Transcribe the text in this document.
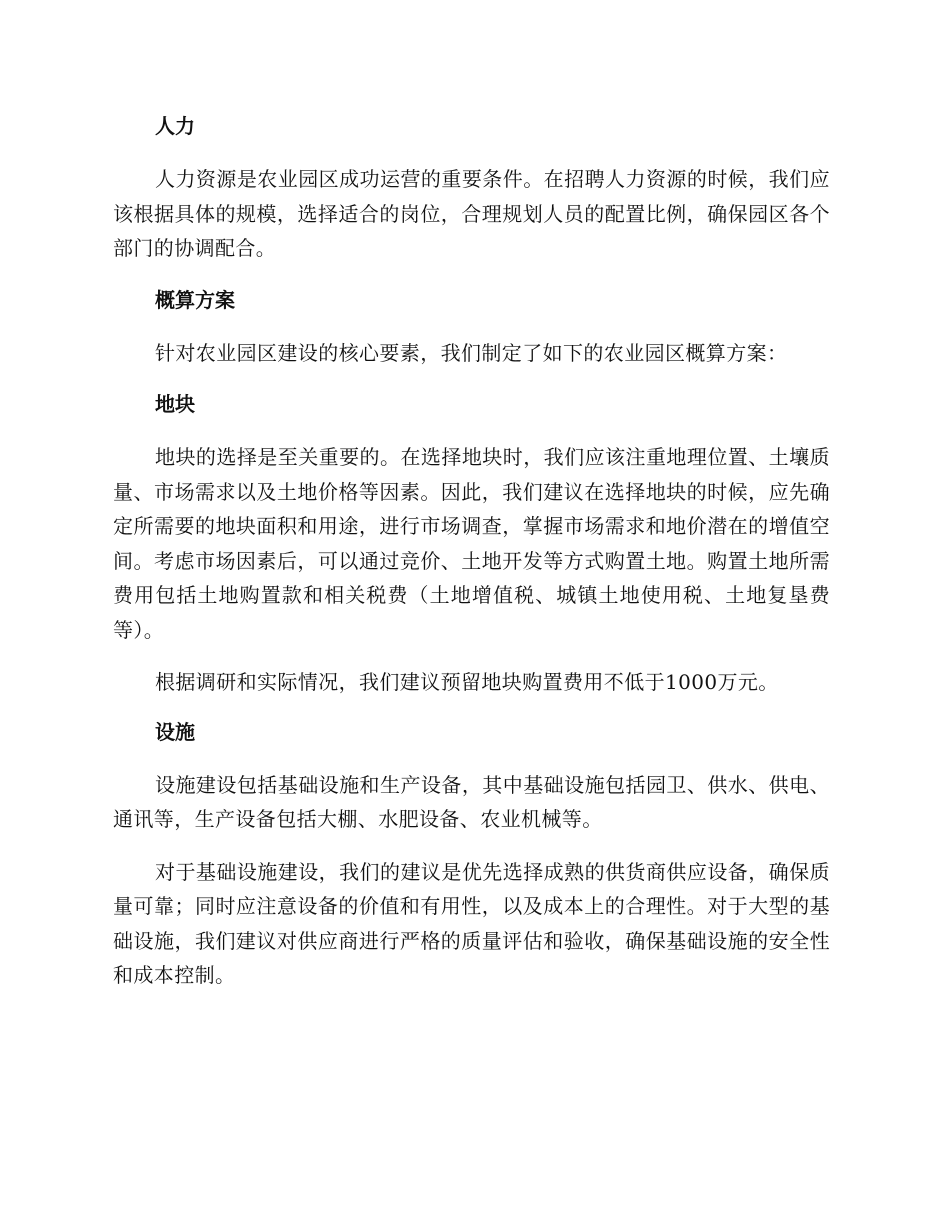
人力

人力资源是农业园区成功运营的重要条件。在招聘人力资源的时候，我们应该根据具体的规模，选择适合的岗位，合理规划人员的配置比例，确保园区各个部门的协调配合。

概算方案

针对农业园区建设的核心要素，我们制定了如下的农业园区概算方案：

地块

地块的选择是至关重要的。在选择地块时，我们应该注重地理位置、土壤质量、市场需求以及土地价格等因素。因此，我们建议在选择地块的时候，应先确定所需要的地块面积和用途，进行市场调查，掌握市场需求和地价潜在的增值空间。考虑市场因素后，可以通过竞价、土地开发等方式购置土地。购置土地所需费用包括土地购置款和相关税费（土地增值税、城镇土地使用税、土地复垦费等）。

根据调研和实际情况，我们建议预留地块购置费用不低于1000万元。

设施

设施建设包括基础设施和生产设备，其中基础设施包括园卫、供水、供电、通讯等，生产设备包括大棚、水肥设备、农业机械等。

对于基础设施建设，我们的建议是优先选择成熟的供货商供应设备，确保质量可靠；同时应注意设备的价值和有用性，以及成本上的合理性。对于大型的基础设施，我们建议对供应商进行严格的质量评估和验收，确保基础设施的安全性和成本控制。
